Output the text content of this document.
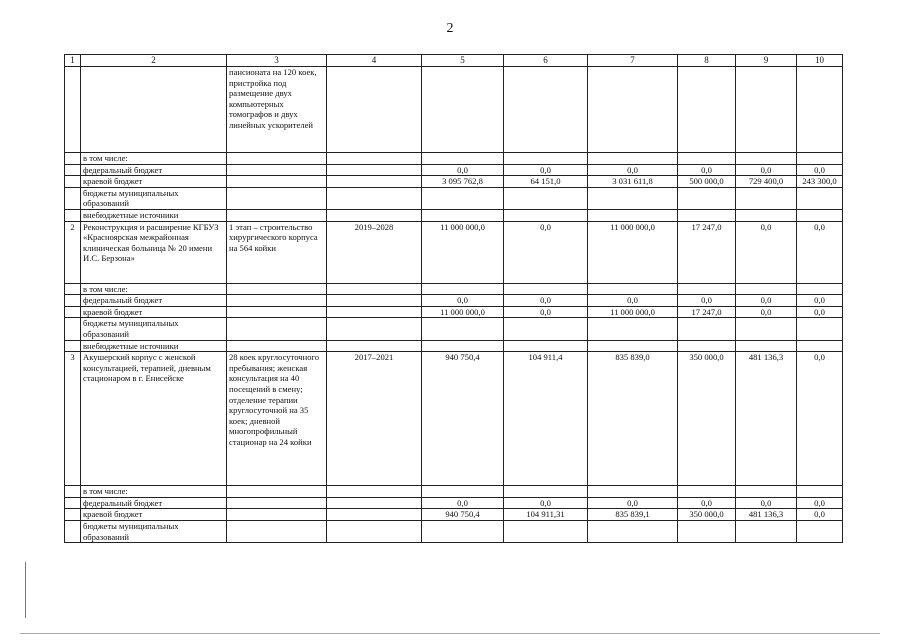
2
1	2	3	4	5	6	7	8	9	10
		пансионата на 120 коек, пристройка под размещение двух компьютерных томографов и двух линейных ускорителей							
	в том числе:								
	федеральный бюджет			0,0	0,0	0,0	0,0	0,0	0,0
	краевой бюджет			3 095 762,8	64 151,0	3 031 611,8	500 000,0	729 400,0	243 300,0
	бюджеты муниципальных образований								
	внебюджетные источники								
2	Реконструкция и расширение КГБУЗ «Красноярская межрайонная клиническая больница № 20 имени И.С. Берзона»	1 этап – строительство хирургического корпуса на 564 койки	2019–2028	11 000 000,0	0,0	11 000 000,0	17 247,0	0,0	0,0
	в том числе:								
	федеральный бюджет			0,0	0,0	0,0	0,0	0,0	0,0
	краевой бюджет			11 000 000,0	0,0	11 000 000,0	17 247,0	0,0	0,0
	бюджеты муниципальных образований								
	внебюджетные источники								
3	Акушерский корпус с женской консультацией, терапией, дневным стационаром в г. Енисейске	28 коек круглосуточного пребывания; женская консультация на 40 посещений в смену; отделение терапии круглосуточной на 35 коек; дневной многопрофильный стационар на 24 койки	2017–2021	940 750,4	104 911,4	835 839,0	350 000,0	481 136,3	0,0
	в том числе:								
	федеральный бюджет			0,0	0,0	0,0	0,0	0,0	0,0
	краевой бюджет			940 750,4	104 911,31	835 839,1	350 000,0	481 136,3	0,0
	бюджеты муниципальных образований								
